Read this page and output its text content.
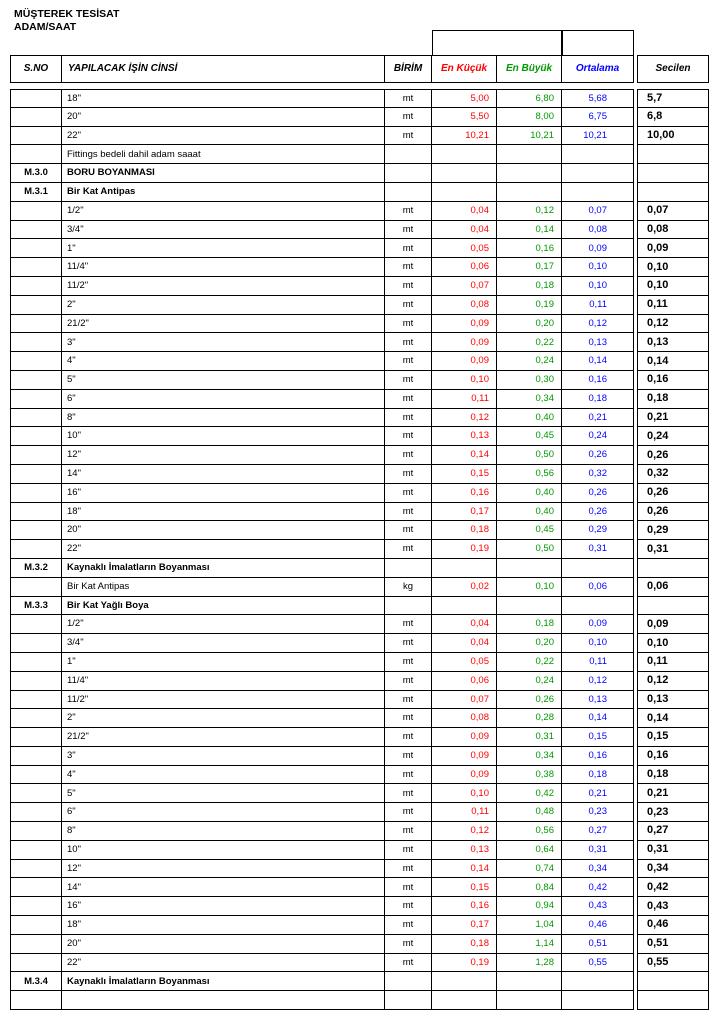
MÜŞTEREK TESİSAT
ADAM/SAAT
S.NO	YAPILACAK İŞİN CİNSİ	BİRİM	En Küçük	En Büyük	Ortalama	Secilen
18"	mt	5,00	6,80	5,68	5,7
20"	mt	5,50	8,00	6,75	6,8
22"	mt	10,21	10,21	10,21	10,00
Fittings bedeli dahil adam saaat
M.3.0	BORU BOYANMASI
M.3.1	Bir Kat Antipas
1/2"	mt	0,04	0,12	0,07	0,07
3/4"	mt	0,04	0,14	0,08	0,08
1"	mt	0,05	0,16	0,09	0,09
11/4"	mt	0,06	0,17	0,10	0,10
11/2"	mt	0,07	0,18	0,10	0,10
2"	mt	0,08	0,19	0,11	0,11
21/2"	mt	0,09	0,20	0,12	0,12
3"	mt	0,09	0,22	0,13	0,13
4"	mt	0,09	0,24	0,14	0,14
5"	mt	0,10	0,30	0,16	0,16
6"	mt	0,11	0,34	0,18	0,18
8"	mt	0,12	0,40	0,21	0,21
10"	mt	0,13	0,45	0,24	0,24
12"	mt	0,14	0,50	0,26	0,26
14"	mt	0,15	0,56	0,32	0,32
16"	mt	0,16	0,40	0,26	0,26
18"	mt	0,17	0,40	0,26	0,26
20"	mt	0,18	0,45	0,29	0,29
22"	mt	0,19	0,50	0,31	0,31
M.3.2	Kaynaklı İmalatların Boyanması
Bir Kat Antipas	kg	0,02	0,10	0,06	0,06
M.3.3	Bir Kat Yağlı Boya
1/2"	mt	0,04	0,18	0,09	0,09
3/4"	mt	0,04	0,20	0,10	0,10
1"	mt	0,05	0,22	0,11	0,11
11/4"	mt	0,06	0,24	0,12	0,12
11/2"	mt	0,07	0,26	0,13	0,13
2"	mt	0,08	0,28	0,14	0,14
21/2"	mt	0,09	0,31	0,15	0,15
3"	mt	0,09	0,34	0,16	0,16
4"	mt	0,09	0,38	0,18	0,18
5"	mt	0,10	0,42	0,21	0,21
6"	mt	0,11	0,48	0,23	0,23
8"	mt	0,12	0,56	0,27	0,27
10"	mt	0,13	0,64	0,31	0,31
12"	mt	0,14	0,74	0,34	0,34
14"	mt	0,15	0,84	0,42	0,42
16"	mt	0,16	0,94	0,43	0,43
18"	mt	0,17	1,04	0,46	0,46
20"	mt	0,18	1,14	0,51	0,51
22"	mt	0,19	1,28	0,55	0,55
M.3.4	Kaynaklı İmalatların Boyanması
